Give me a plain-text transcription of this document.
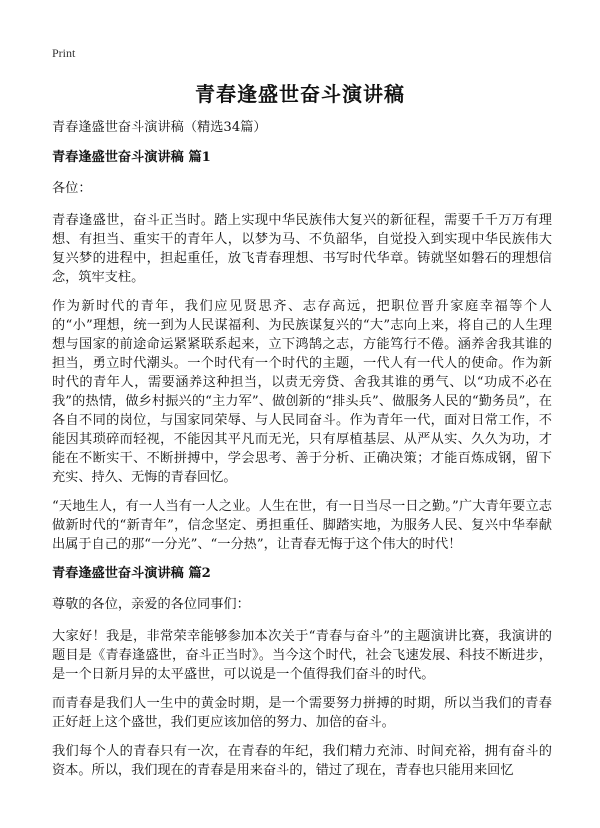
Print
青春逢盛世奋斗演讲稿
青春逢盛世奋斗演讲稿（精选34篇）
青春逢盛世奋斗演讲稿 篇1
各位：
青春逢盛世，奋斗正当时。踏上实现中华民族伟大复兴的新征程，需要千千万万有理想、有担当、重实干的青年人，以梦为马、不负韶华，自觉投入到实现中华民族伟大复兴梦的进程中，担起重任，放飞青春理想、书写时代华章。铸就坚如磐石的理想信念，筑牢支柱。
作为新时代的青年，我们应见贤思齐、志存高远，把职位晋升家庭幸福等个人的“小”理想，统一到为人民谋福利、为民族谋复兴的“大”志向上来，将自己的人生理想与国家的前途命运紧紧联系起来，立下鸿鹄之志，方能笃行不倦。涵养舍我其谁的担当，勇立时代潮头。一个时代有一个时代的主题，一代人有一代人的使命。作为新时代的青年人，需要涵养这种担当，以责无旁贷、舍我其谁的勇气、以“功成不必在我”的热情，做乡村振兴的“主力军”、做创新的“排头兵”、做服务人民的“勤务员”，在各自不同的岗位，与国家同荣辱、与人民同奋斗。作为青年一代，面对日常工作，不能因其琐碎而轻视，不能因其平凡而无光，只有厚植基层、从严从实、久久为功，才能在不断实干、不断拼搏中，学会思考、善于分析、正确决策；才能百炼成钢，留下充实、持久、无悔的青春回忆。
“天地生人，有一人当有一人之业。人生在世，有一日当尽一日之勤。”广大青年要立志做新时代的“新青年”，信念坚定、勇担重任、脚踏实地，为服务人民、复兴中华奉献出属于自己的那“一分光”、“一分热”，让青春无悔于这个伟大的时代！
青春逢盛世奋斗演讲稿 篇2
尊敬的各位，亲爱的各位同事们：
大家好！我是，非常荣幸能够参加本次关于“青春与奋斗”的主题演讲比赛，我演讲的题目是《青春逢盛世，奋斗正当时》。当今这个时代，社会飞速发展、科技不断进步，是一个日新月异的太平盛世，可以说是一个值得我们奋斗的时代。
而青春是我们人一生中的黄金时期，是一个需要努力拼搏的时期，所以当我们的青春正好赶上这个盛世，我们更应该加倍的努力、加倍的奋斗。
我们每个人的青春只有一次，在青春的年纪，我们精力充沛、时间充裕，拥有奋斗的资本。所以，我们现在的青春是用来奋斗的，错过了现在，青春也只能用来回忆
